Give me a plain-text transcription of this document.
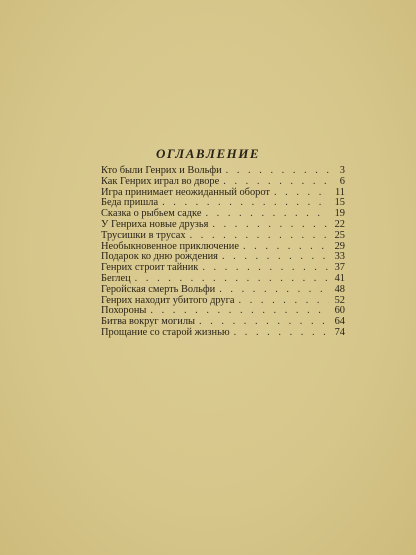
ОГЛАВЛЕНИЕ
Кто были Генрих и Вольфи . . .	3
Как Генрих играл во дворе . . .	6
Игра принимает неожиданный оборот . . .	11
Беда пришла . . .	15
Сказка о рыбьем садке . . .	19
У Генриха новые друзья . . .	22
Трусишки в трусах . . .	25
Необыкновенное приключение . . .	29
Подарок ко дню рождения . . .	33
Генрих строит тайник . . .	37
Беглец . . .	41
Геройская смерть Вольфи . . .	48
Генрих находит убитого друга . . .	52
Похороны . . .	60
Битва вокруг могилы . . .	64
Прощание со старой жизнью . . .	74
